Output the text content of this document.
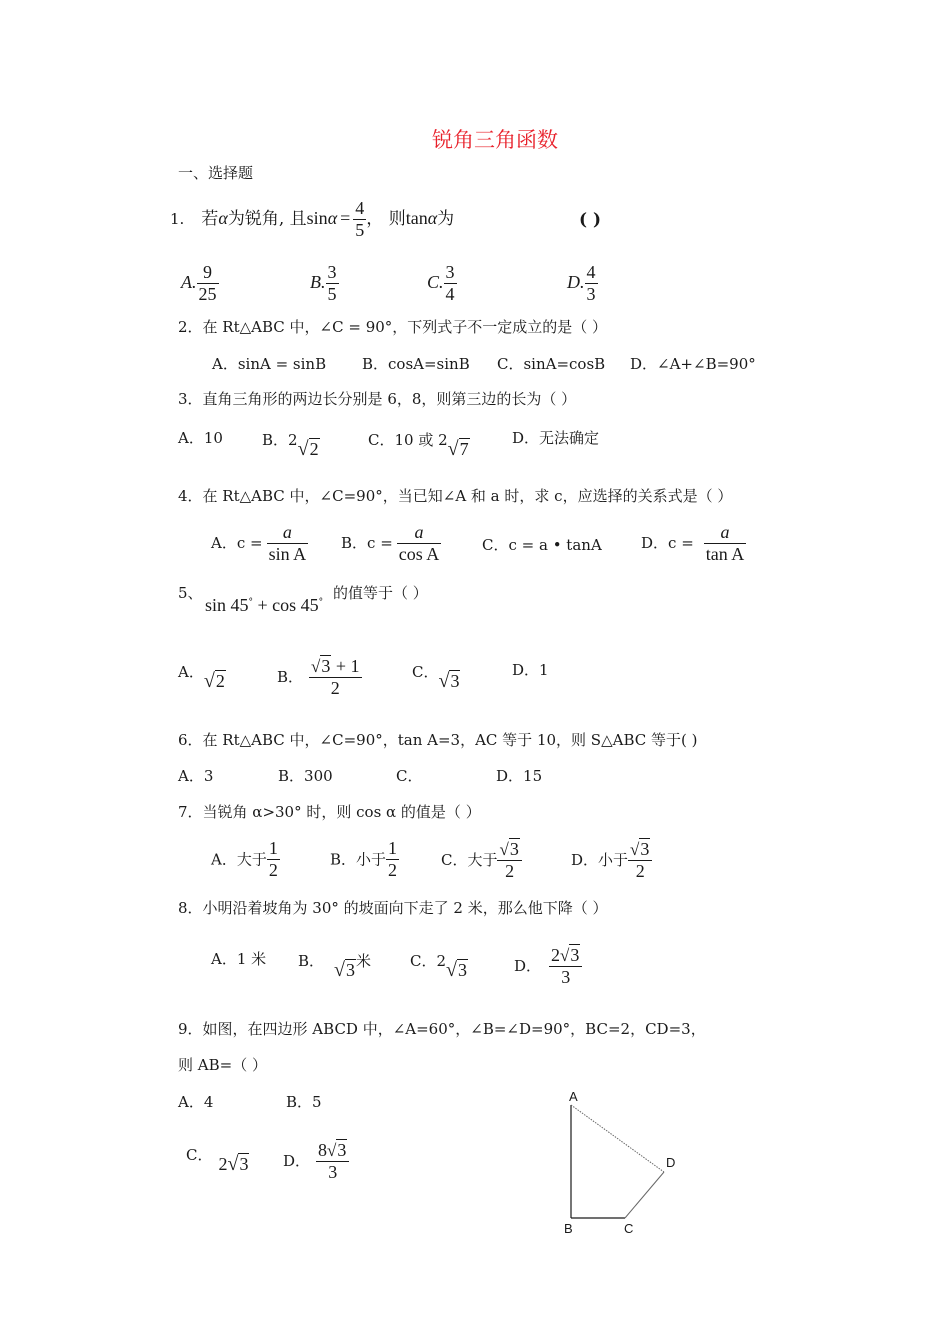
锐角三角函数
一、选择题
1. 若α为锐角, 且$\sin\alpha = \frac{4}{5}$ ， 则tanα为	( )
A. $\frac{9}{25}$	B. $\frac{3}{5}$	C. $\frac{3}{4}$	D. $\frac{4}{3}$
2．在 Rt△ABC 中，∠C = 90°，下列式子不一定成立的是（ ）
A．sinA = sinB B．cosA=sinB C．sinA=cosB D．∠A+∠B=90°
3．直角三角形的两边长分别是 6，8，则第三边的长为（ ）
A．10	B．2√2	C．10 或 2√7
D．无法确定
4．在 Rt△ABC 中，∠C=90°，当已知∠A 和 a 时，求 c，应选择的关系式是（ ）
A．$c = \frac{a}{\text{sin A}}$ B．$c = \frac{a}{\text{cos A}}$	C．c = a • tanA	D．$c = \frac{a}{\text{tan A}}$
5、
sin 45° + cos 45°
的值等于（ ）
A．√2	B． $\frac{√3 + 1}{2}$	C．√3
D．1
6．在 Rt△ABC 中，∠C=90°，tan A=3，AC 等于 10，则 S△ABC 等于( )
A．3	B．300	C．	D．15
7．当锐角 α>30° 时，则 cos α 的值是（ ）
A．大于 $\frac{1}{2}$	B．小于 $\frac{1}{2}$	C．大于 $\frac{√3}{2}$	D．小于 $\frac{√3}{2}$
8．小明沿着坡角为 30° 的坡面向下走了 2 米，那么他下降（ ）
A．1 米 B． √3米	C．2√3	D． $\frac{2√3}{3}$
9．如图，在四边形 ABCD 中，∠A=60°，∠B=∠D=90°，BC=2，CD=3，
则 AB=（ ）
A．4	B．5
C． 2√3 D． $\frac{8√3}{3}$
A
B	C
D
